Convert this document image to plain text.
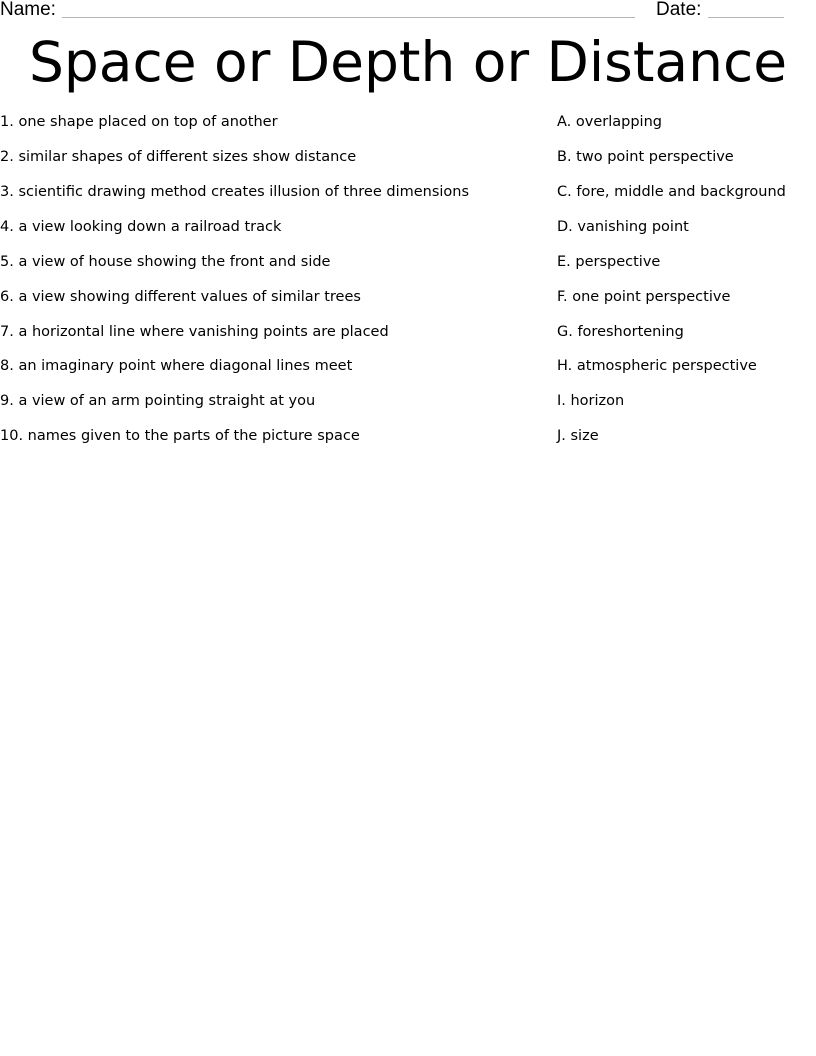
Name:	Date:
Space or Depth or Distance
1. one shape placed on top of another
2. similar shapes of different sizes show distance
3. scientific drawing method creates illusion of three dimensions
4. a view looking down a railroad track
5. a view of house showing the front and side
6. a view showing different values of similar trees
7. a horizontal line where vanishing points are placed
8. an imaginary point where diagonal lines meet
9. a view of an arm pointing straight at you
10. names given to the parts of the picture space
A. overlapping
B. two point perspective
C. fore, middle and background
D. vanishing point
E. perspective
F. one point perspective
G. foreshortening
H. atmospheric perspective
I. horizon
J. size
